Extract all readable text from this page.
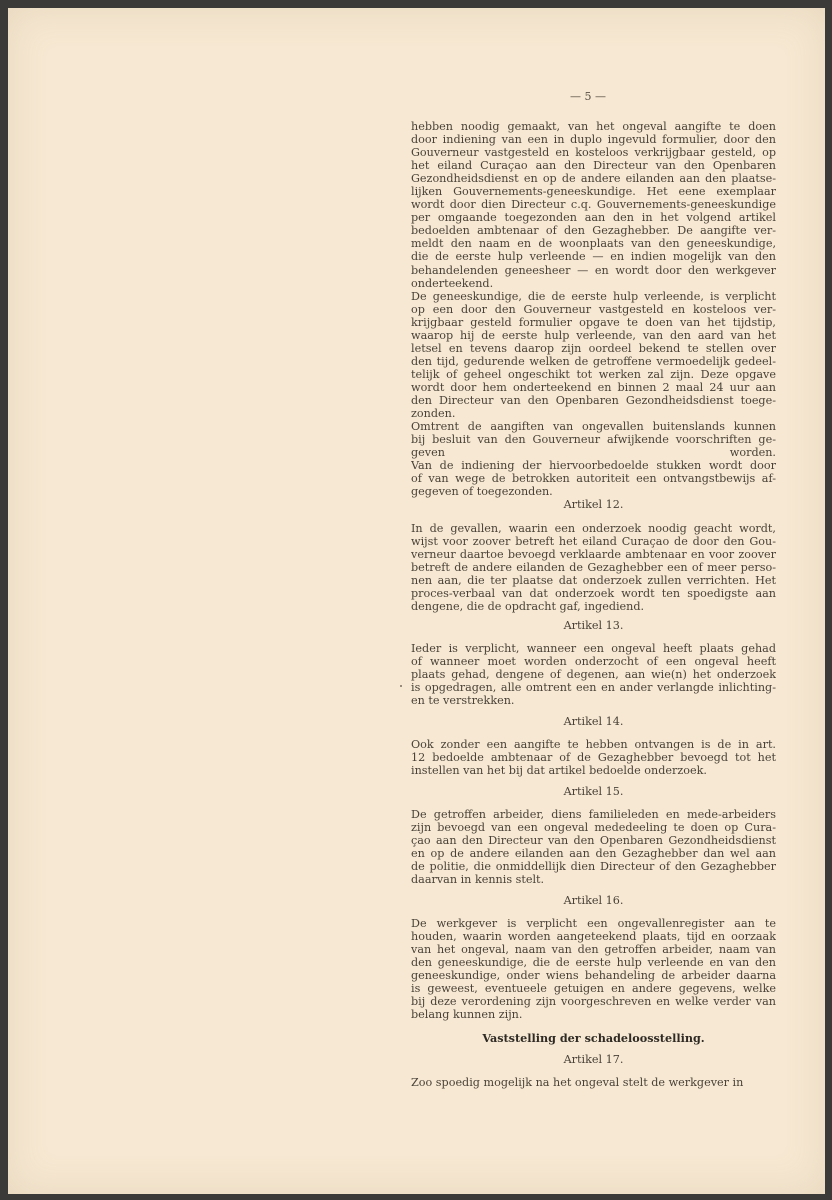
— 5 —
hebben noodig gemaakt, van het ongeval aangifte te doen
door indiening van een in duplo ingevuld formulier, door den
Gouverneur vastgesteld en kosteloos verkrijgbaar gesteld, op
het eiland Curaçao aan den Directeur van den Openbaren
Gezondheidsdienst en op de andere eilanden aan den plaatse-
lijken Gouvernements-geneeskundige. Het eene exemplaar
wordt door dien Directeur c.q. Gouvernements-geneeskundige
per omgaande toegezonden aan den in het volgend artikel
bedoelden ambtenaar of den Gezaghebber. De aangifte ver-
meldt den naam en de woonplaats van den geneeskundige,
die de eerste hulp verleende — en indien mogelijk van den
behandelenden geneesheer — en wordt door den werkgever
onderteekend.
De geneeskundige, die de eerste hulp verleende, is verplicht
op een door den Gouverneur vastgesteld en kosteloos ver-
krijgbaar gesteld formulier opgave te doen van het tijdstip,
waarop hij de eerste hulp verleende, van den aard van het
letsel en tevens daarop zijn oordeel bekend te stellen over
den tijd, gedurende welken de getroffene vermoedelijk gedeel-
telijk of geheel ongeschikt tot werken zal zijn. Deze opgave
wordt door hem onderteekend en binnen 2 maal 24 uur aan
den Directeur van den Openbaren Gezondheidsdienst toege-
zonden.
Omtrent de aangiften van ongevallen buitenslands kunnen
bij besluit van den Gouverneur afwijkende voorschriften ge-
geven worden.
Van de indiening der hiervoorbedoelde stukken wordt door
of van wege de betrokken autoriteit een ontvangstbewijs af-
gegeven of toegezonden.
Artikel 12.
In de gevallen, waarin een onderzoek noodig geacht wordt,
wijst voor zoover betreft het eiland Curaçao de door den Gou-
verneur daartoe bevoegd verklaarde ambtenaar en voor zoover
betreft de andere eilanden de Gezaghebber een of meer perso-
nen aan, die ter plaatse dat onderzoek zullen verrichten. Het
proces-verbaal van dat onderzoek wordt ten spoedigste aan
dengene, die de opdracht gaf, ingediend.
Artikel 13.
Ieder is verplicht, wanneer een ongeval heeft plaats gehad
of wanneer moet worden onderzocht of een ongeval heeft
plaats gehad, dengene of degenen, aan wie(n) het onderzoek
is opgedragen, alle omtrent een en ander verlangde inlichting-
en te verstrekken.
Artikel 14.
Ook zonder een aangifte te hebben ontvangen is de in art.
12 bedoelde ambtenaar of de Gezaghebber bevoegd tot het
instellen van het bij dat artikel bedoelde onderzoek.
Artikel 15.
De getroffen arbeider, diens familieleden en mede-arbeiders
zijn bevoegd van een ongeval mededeeling te doen op Cura-
çao aan den Directeur van den Openbaren Gezondheidsdienst
en op de andere eilanden aan den Gezaghebber dan wel aan
de politie, die onmiddellijk dien Directeur of den Gezaghebber
daarvan in kennis stelt.
Artikel 16.
De werkgever is verplicht een ongevallenregister aan te
houden, waarin worden aangeteekend plaats, tijd en oorzaak
van het ongeval, naam van den getroffen arbeider, naam van
den geneeskundige, die de eerste hulp verleende en van den
geneeskundige, onder wiens behandeling de arbeider daarna
is geweest, eventueele getuigen en andere gegevens, welke
bij deze verordening zijn voorgeschreven en welke verder van
belang kunnen zijn.
Vaststelling der schadeloosstelling.
Artikel 17.
Zoo spoedig mogelijk na het ongeval stelt de werkgever in
